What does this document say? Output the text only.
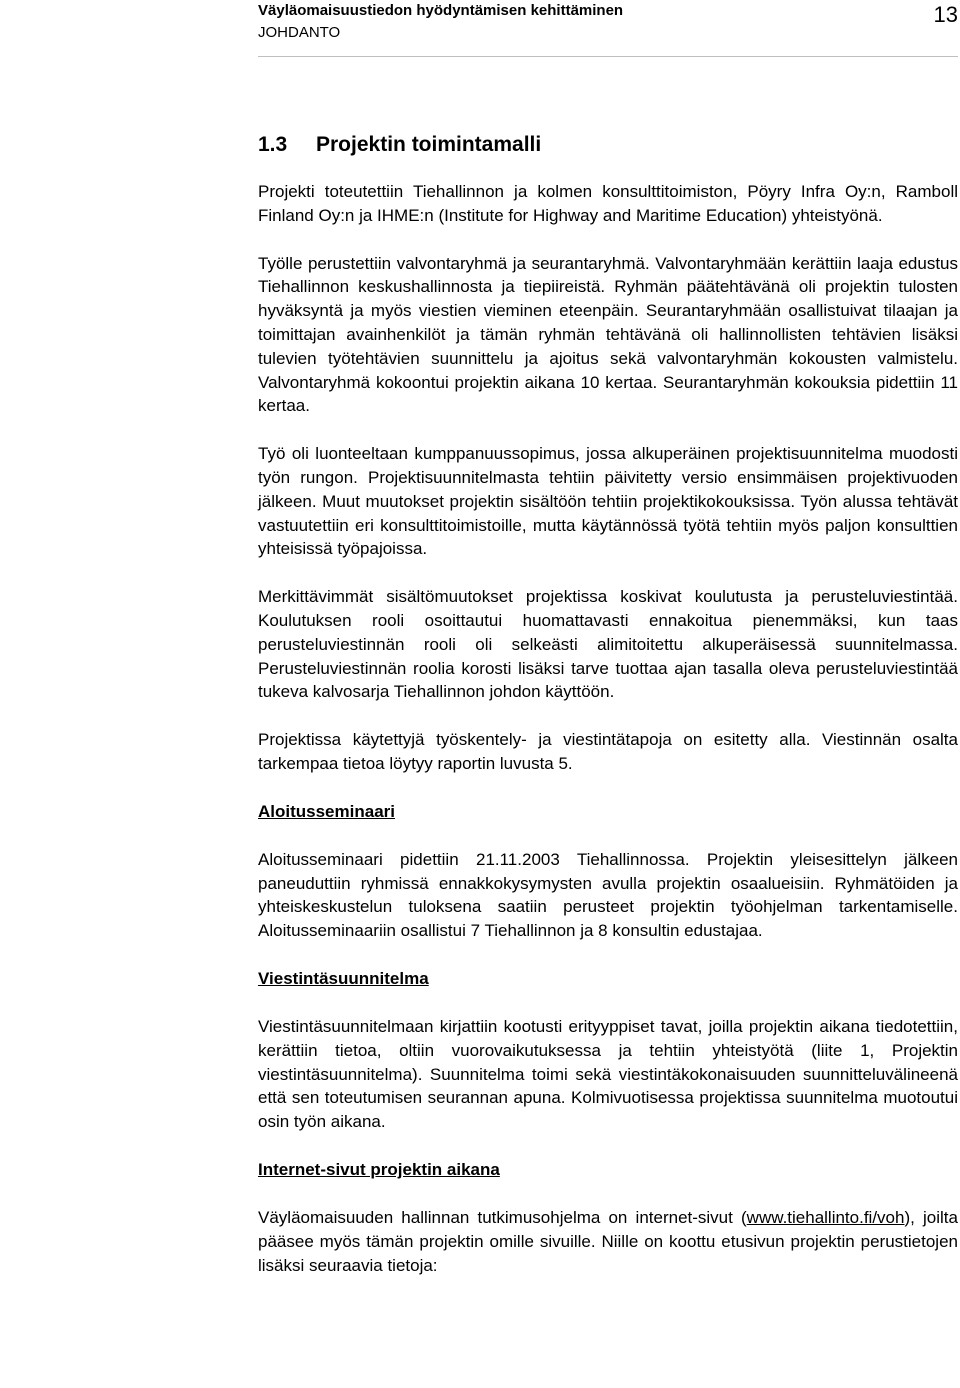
Väyläomaisuustiedon hyödyntämisen kehittäminen
JOHDANTO
13
1.3 Projektin toimintamalli

Projekti toteutettiin Tiehallinnon ja kolmen konsulttitoimiston, Pöyry Infra Oy:n, Ramboll Finland Oy:n ja IHME:n (Institute for Highway and Maritime Education) yhteistyönä.

Työlle perustettiin valvontaryhmä ja seurantaryhmä. Valvontaryhmään kerättiin laaja edustus Tiehallinnon keskushallinnosta ja tiepiireistä. Ryhmän päätehtävänä oli projektin tulosten hyväksyntä ja myös viestien vieminen eteenpäin. Seurantaryhmään osallistuivat tilaajan ja toimittajan avainhenkilöt ja tämän ryhmän tehtävänä oli hallinnollisten tehtävien lisäksi tulevien työtehtävien suunnittelu ja ajoitus sekä valvontaryhmän kokousten valmistelu. Valvontaryhmä kokoontui projektin aikana 10 kertaa. Seurantaryhmän kokouksia pidettiin 11 kertaa.

Työ oli luonteeltaan kumppanuussopimus, jossa alkuperäinen projektisuunnitelma muodosti työn rungon. Projektisuunnitelmasta tehtiin päivitetty versio ensimmäisen projektivuoden jälkeen. Muut muutokset projektin sisältöön tehtiin projektikokouksissa. Työn alussa tehtävät vastuutettiin eri konsulttitoimistoille, mutta käytännössä työtä tehtiin myös paljon konsulttien yhteisissä työpajoissa.

Merkittävimmät sisältömuutokset projektissa koskivat koulutusta ja perusteluviestintää. Koulutuksen rooli osoittautui huomattavasti ennakoitua pienemmäksi, kun taas perusteluviestinnän rooli oli selkeästi alimitoitettu alkuperäisessä suunnitelmassa. Perusteluviestinnän roolia korosti lisäksi tarve tuottaa ajan tasalla oleva perusteluviestintää tukeva kalvosarja Tiehallinnon johdon käyttöön.

Projektissa käytettyjä työskentely- ja viestintätapoja on esitetty alla. Viestinnän osalta tarkempaa tietoa löytyy raportin luvusta 5.

Aloitusseminaari

Aloitusseminaari pidettiin 21.11.2003 Tiehallinnossa. Projektin yleisesittelyn jälkeen paneuduttiin ryhmissä ennakkokysymysten avulla projektin osaalueisiin. Ryhmätöiden ja yhteiskeskustelun tuloksena saatiin perusteet projektin työohjelman tarkentamiselle. Aloitusseminaariin osallistui 7 Tiehallinnon ja 8 konsultin edustajaa.

Viestintäsuunnitelma

Viestintäsuunnitelmaan kirjattiin kootusti erityyppiset tavat, joilla projektin aikana tiedotettiin, kerättiin tietoa, oltiin vuorovaikutuksessa ja tehtiin yhteistyötä (liite 1, Projektin viestintäsuunnitelma). Suunnitelma toimi sekä viestintäkokonaisuuden suunnitteluvälineenä että sen toteutumisen seurannan apuna. Kolmivuotisessa projektissa suunnitelma muotoutui osin työn aikana.

Internet-sivut projektin aikana

Väyläomaisuuden hallinnan tutkimusohjelma on internet-sivut (www.tiehallinto.fi/voh), joilta pääsee myös tämän projektin omille sivuille. Niille on koottu etusivun projektin perustietojen lisäksi seuraavia tietoja:
